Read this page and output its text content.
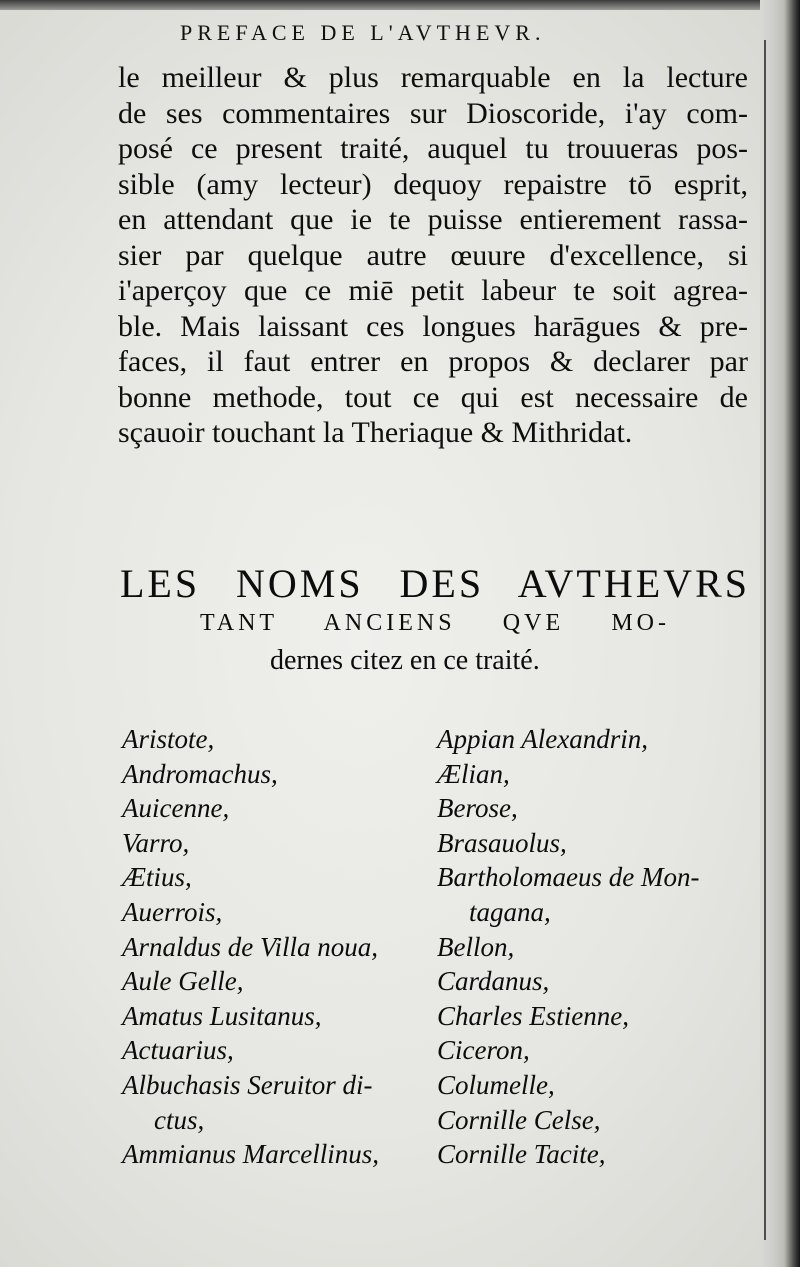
PREFACE DE L'AVTHEVR.
le meilleur & plus remarquable en la lecture
de ses commentaires sur Dioscoride, i'ay com-
posé ce present traité, auquel tu trouueras pos-
sible (amy lecteur) dequoy repaistre tō esprit,
en attendant que ie te puisse entierement rassa-
sier par quelque autre œuure d'excellence, si
i'aperçoy que ce miē petit labeur te soit agrea-
ble. Mais laissant ces longues harāgues & pre-
faces, il faut entrer en propos & declarer par
bonne methode, tout ce qui est necessaire de
sçauoir touchant la Theriaque & Mithridat.
LES NOMS DES AVTHEVRS
TANT ANCIENS QVE MO-
dernes citez en ce traité.
Aristote,
Andromachus,
Auicenne,
Varro,
Ætius,
Auerrois,
Arnaldus de Villa noua,
Aule Gelle,
Amatus Lusitanus,
Actuarius,
Albuchasis Seruitor di-
ctus,
Ammianus Marcellinus,
Appian Alexandrin,
Ælian,
Berose,
Brasauolus,
Bartholomaeus de Mon-
tagana,
Bellon,
Cardanus,
Charles Estienne,
Ciceron,
Columelle,
Cornille Celse,
Cornille Tacite,
